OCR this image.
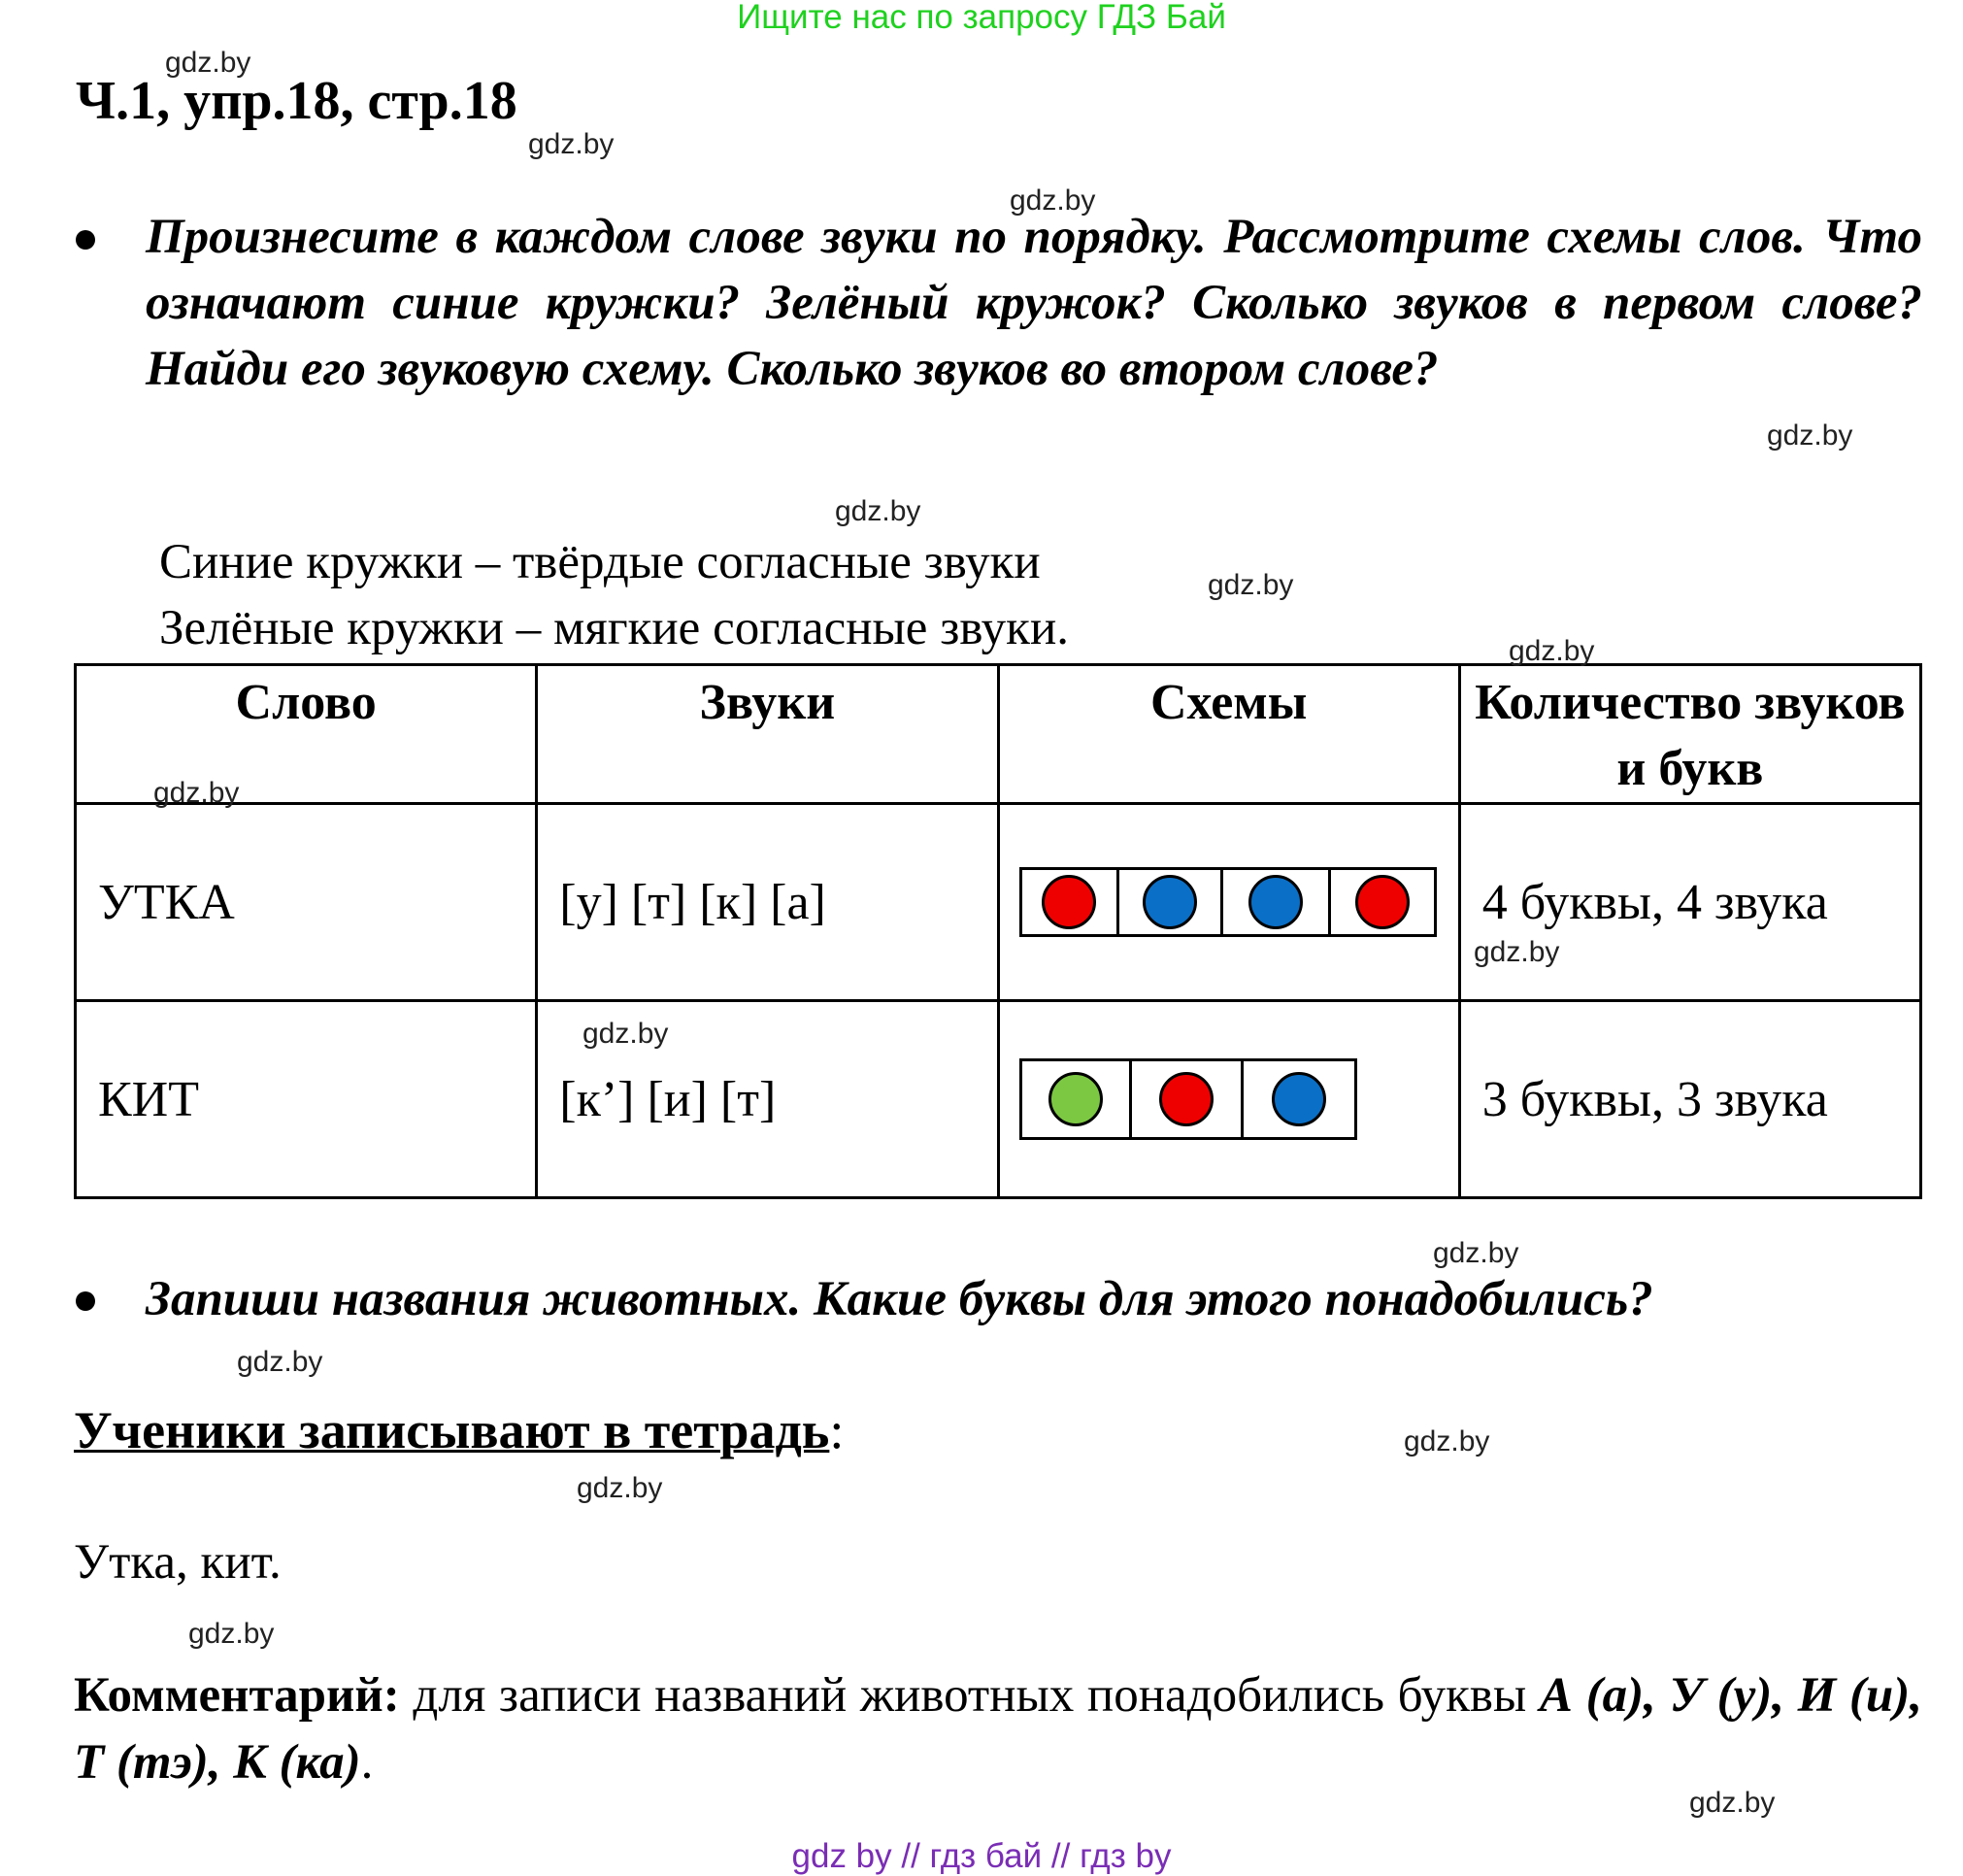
Ищите нас по запросу ГДЗ Бай
gdz.by
Ч.1, упр.18, стр.18
gdz.by
gdz.by
Произнесите в каждом слове звуки по порядку. Рассмотрите схемы слов. Что означают синие кружки? Зелёный кружок? Сколько звуков в первом слове? Найди его звуковую схему. Сколько звуков во втором слове?
gdz.by
gdz.by
Синие кружки – твёрдые согласные звуки	gdz.by
Зелёные кружки – мягкие согласные звуки.
Слово	Звуки	Схемы	Количество звуков и букв
УТКА	[у] [т] [к] [а]		4 буквы, 4 звука
КИТ	[к’] [и] [т]		3 буквы, 3 звука
gdz.by
gdz.by
gdz.by
gdz.by
gdz.by
Запиши названия животных. Какие буквы для этого понадобились?
gdz.by
Ученики записывают в тетрадь:	gdz.by
gdz.by
Утка, кит.
gdz.by
Комментарий: для записи названий животных понадобились буквы А (а), У (у), И (и), Т (тэ), К (ка).
gdz.by
gdz by // гдз бай // гдз by
